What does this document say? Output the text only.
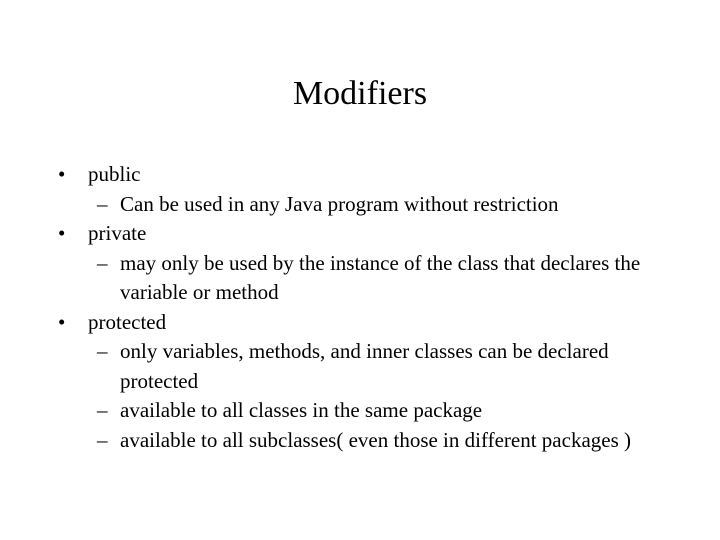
Modifiers
• public
– Can be used in any Java program without restriction
• private
– may only be used by the instance of the class that declares the variable or method
• protected
– only variables, methods, and inner classes can be declared protected
– available to all classes in the same package
– available to all subclasses( even those in different packages )
